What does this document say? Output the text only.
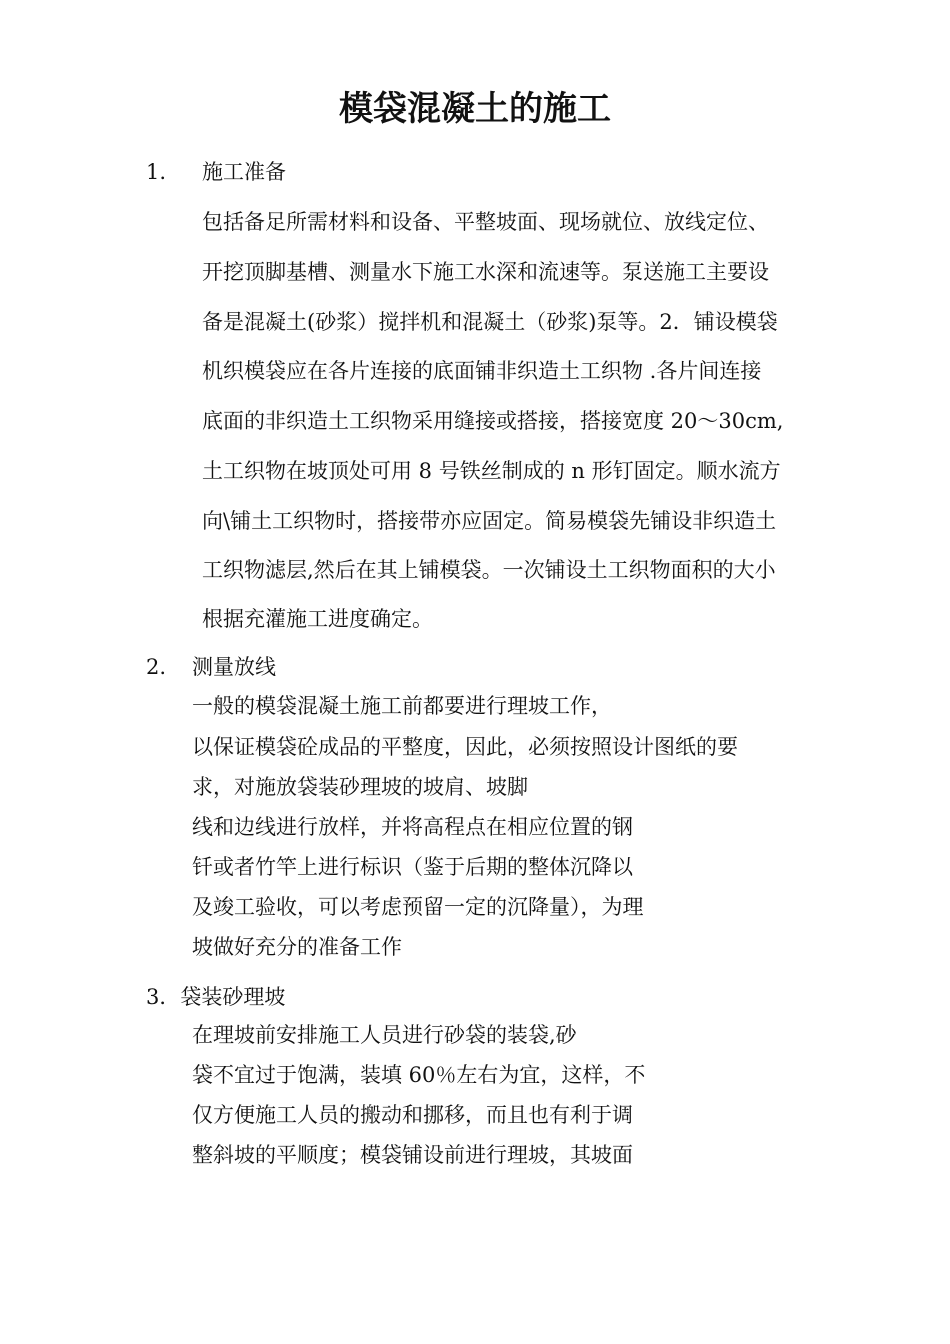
模袋混凝土的施工
1. 施工准备
包括备足所需材料和设备、平整坡面、现场就位、放线定位、
开挖顶脚基槽、测量水下施工水深和流速等。泵送施工主要设
备是混凝土(砂浆）搅拌机和混凝土（砂浆)泵等。2．铺设模袋
机织模袋应在各片连接的底面铺非织造土工织物 .各片间连接
底面的非织造土工织物采用缝接或搭接，搭接宽度 20～30cm,
土工织物在坡顶处可用 8 号铁丝制成的 n 形钉固定。顺水流方
向\铺土工织物时，搭接带亦应固定。简易模袋先铺设非织造土
工织物滤层,然后在其上铺模袋。一次铺设土工织物面积的大小
根据充灌施工进度确定。
2. 测量放线
一般的模袋混凝土施工前都要进行理坡工作，
以保证模袋砼成品的平整度，因此，必须按照设计图纸的要
求，对施放袋装砂理坡的坡肩、坡脚
线和边线进行放样，并将高程点在相应位置的钢
钎或者竹竿上进行标识（鉴于后期的整体沉降以
及竣工验收，可以考虑预留一定的沉降量），为理
坡做好充分的准备工作
3．袋装砂理坡
在理坡前安排施工人员进行砂袋的装袋,砂
袋不宜过于饱满，装填 60％左右为宜，这样，不
仅方便施工人员的搬动和挪移，而且也有利于调
整斜坡的平顺度；模袋铺设前进行理坡，其坡面
